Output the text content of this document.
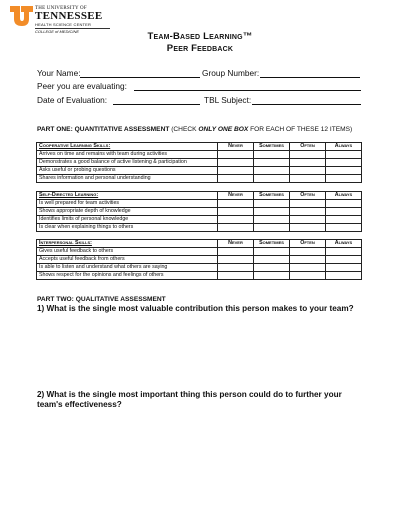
THE UNIVERSITY OF
TENNESSEE
HEALTH SCIENCE CENTER
COLLEGE of MEDICINE	Team-Based Learning™
Peer Feedback
Your Name:	Group Number:
Peer you are evaluating:
Date of Evaluation:	TBL Subject:
PART ONE: QUANTITATIVE ASSESSMENT (CHECK ONLY ONE BOX FOR EACH OF THESE 12 ITEMS)
Cooperative Learning Skills:	Never	Sometimes	Often	Always
Arrives on time and remains with team during activities				
Demonstrates a good balance of active listening & participation				
Asks useful or probing questions				
Shares information and personal understanding				
Self-Directed Learning:	Never	Sometimes	Often	Always
Is well prepared for team activities				
Shows appropriate depth of knowledge				
Identifies limits of personal knowledge				
Is clear when explaining things to others				
Interpersonal Skills:	Never	Sometimes	Often	Always
Gives useful feedback to others				
Accepts useful feedback from others				
Is able to listen and understand what others are saying				
Shows respect for the opinions and feelings of others				
PART TWO: QUALITATIVE ASSESSMENT
1) What is the single most valuable contribution this person makes to your team?
2) What is the single most important thing this person could do to further your team's effectiveness?
